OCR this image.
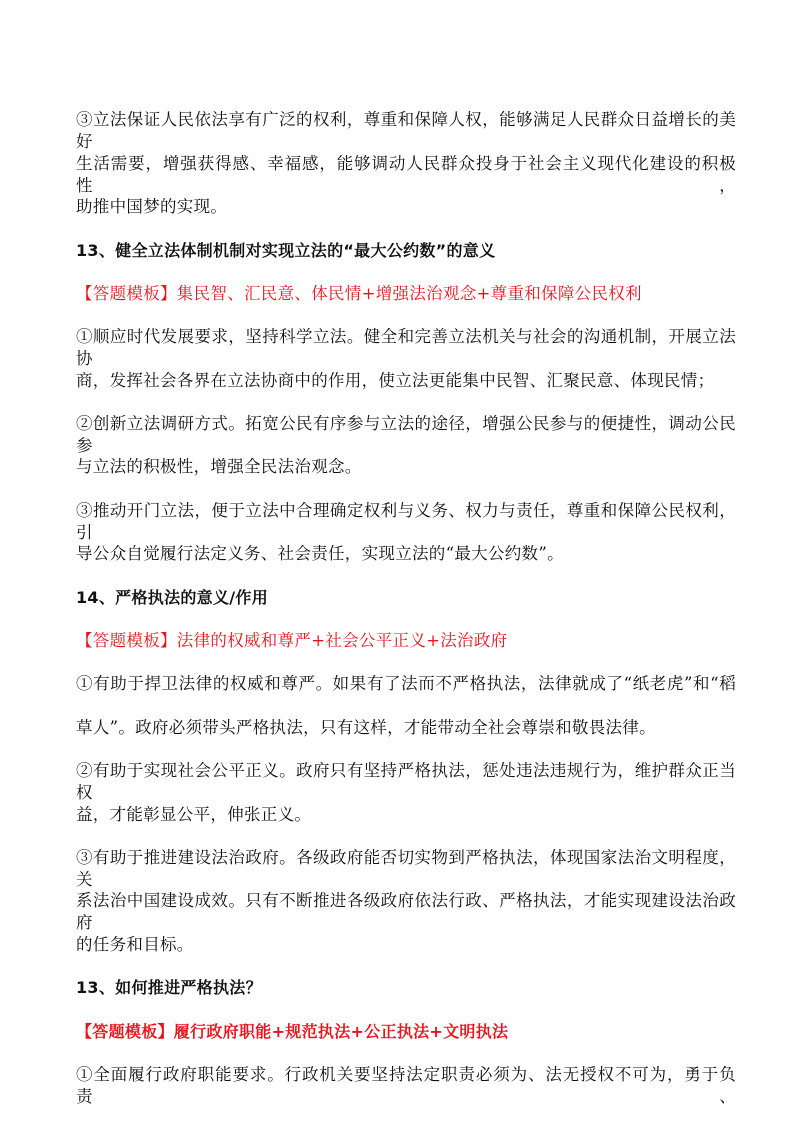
③立法保证人民依法享有广泛的权利，尊重和保障人权，能够满足人民群众日益增长的美好
生活需要，增强获得感、幸福感，能够调动人民群众投身于社会主义现代化建设的积极性，
助推中国梦的实现。
13、健全立法体制机制对实现立法的“最大公约数”的意义
【答题模板】集民智、汇民意、体民情+增强法治观念+尊重和保障公民权利
①顺应时代发展要求，坚持科学立法。健全和完善立法机关与社会的沟通机制，开展立法协
商，发挥社会各界在立法协商中的作用，使立法更能集中民智、汇聚民意、体现民情；
②创新立法调研方式。拓宽公民有序参与立法的途径，增强公民参与的便捷性，调动公民参
与立法的积极性，增强全民法治观念。
③推动开门立法，便于立法中合理确定权利与义务、权力与责任，尊重和保障公民权利，引
导公众自觉履行法定义务、社会责任，实现立法的“最大公约数”。
14、严格执法的意义/作用
【答题模板】法律的权威和尊严+社会公平正义+法治政府
①有助于捍卫法律的权威和尊严。如果有了法而不严格执法，法律就成了“纸老虎”和“稻
草人”。政府必须带头严格执法，只有这样，才能带动全社会尊崇和敬畏法律。
②有助于实现社会公平正义。政府只有坚持严格执法，惩处违法违规行为，维护群众正当权
益，才能彰显公平，伸张正义。
③有助于推进建设法治政府。各级政府能否切实物到严格执法，体现国家法治文明程度，关
系法治中国建设成效。只有不断推进各级政府依法行政、严格执法，才能实现建设法治政府
的任务和目标。
13、如何推进严格执法？
【答题模板】履行政府职能+规范执法+公正执法+文明执法
①全面履行政府职能要求。行政机关要坚持法定职责必须为、法无授权不可为，勇于负责、
